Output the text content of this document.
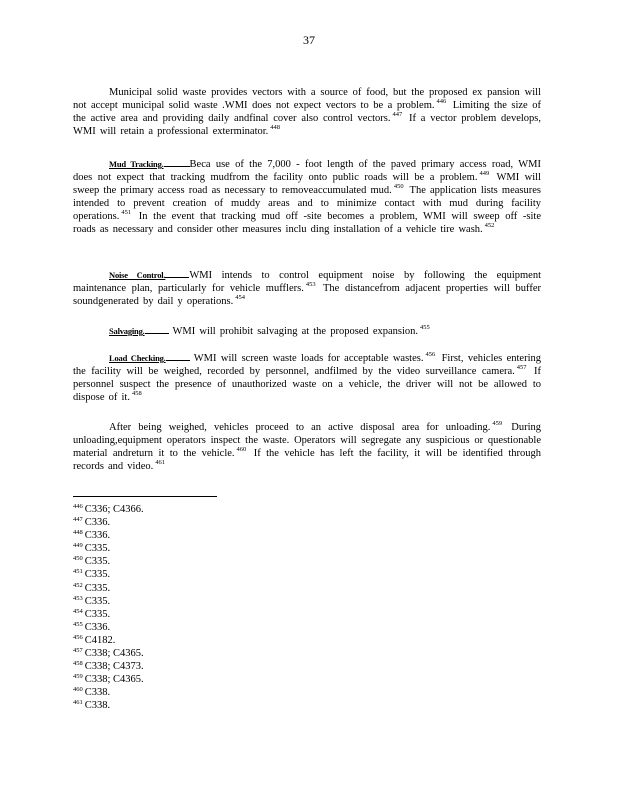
37

Municipal solid waste provides vectors with a source of food, but the proposed ex pansion will not accept municipal solid waste .WMI does not expect vectors to be a problem. $^{446}$ Limiting the size of the active area and providing daily andfinal cover also control vectors. $^{447}$ If a vector problem develops, WMI will retain a professional exterminator. $^{448}$

Mud Tracking. Beca use of the 7,000 - foot length of the paved primary access road, WMI does not expect that tracking mudfrom the facility onto public roads will be a problem. $^{449}$ WMI will sweep the primary access road as necessary to removeaccumulated mud. $^{450}$ The application lists measures intended to prevent creation of muddy areas and to minimize contact with mud during facility operations. $^{451}$ In the event that tracking mud off -site becomes a problem, WMI will sweep off -site roads as necessary and consider other measures inclu ding installation of a vehicle tire wash. $^{452}$

Noise Control. WMI intends to control equipment noise by following the equipment maintenance plan, particularly for vehicle mufflers. $^{453}$ The distancefrom adjacent properties will buffer soundgenerated by dail y operations. $^{454}$

Salvaging.	WMI will prohibit salvaging at the proposed expansion. $^{455}$

Load Checking.	WMI will screen waste loads for acceptable wastes. $^{456}$ First, vehicles entering the facility will be weighed, recorded by personnel, andfilmed by the video surveillance camera. $^{457}$ If personnel suspect the presence of unauthorized waste on a vehicle, the driver will not be allowed to dispose of it. $^{458}$

After being weighed, vehicles proceed to an active disposal area for unloading. $^{459}$ During unloading,equipment operators inspect the waste. Operators will segregate any suspicious or questionable material andreturn it to the vehicle. $^{460}$ If the vehicle has left the facility, it will be identified through records and video. $^{461}$

$^{446}$ C336; C4366.
$^{447}$ C336.
$^{448}$ C336.
$^{449}$ C335.
$^{450}$ C335.
$^{451}$ C335.
$^{452}$ C335.
$^{453}$ C335.
$^{454}$ C335.
$^{455}$ C336.
$^{456}$ C4182.
$^{457}$ C338; C4365.
$^{458}$ C338; C4373.
$^{459}$ C338; C4365.
$^{460}$ C338.
$^{461}$ C338.
